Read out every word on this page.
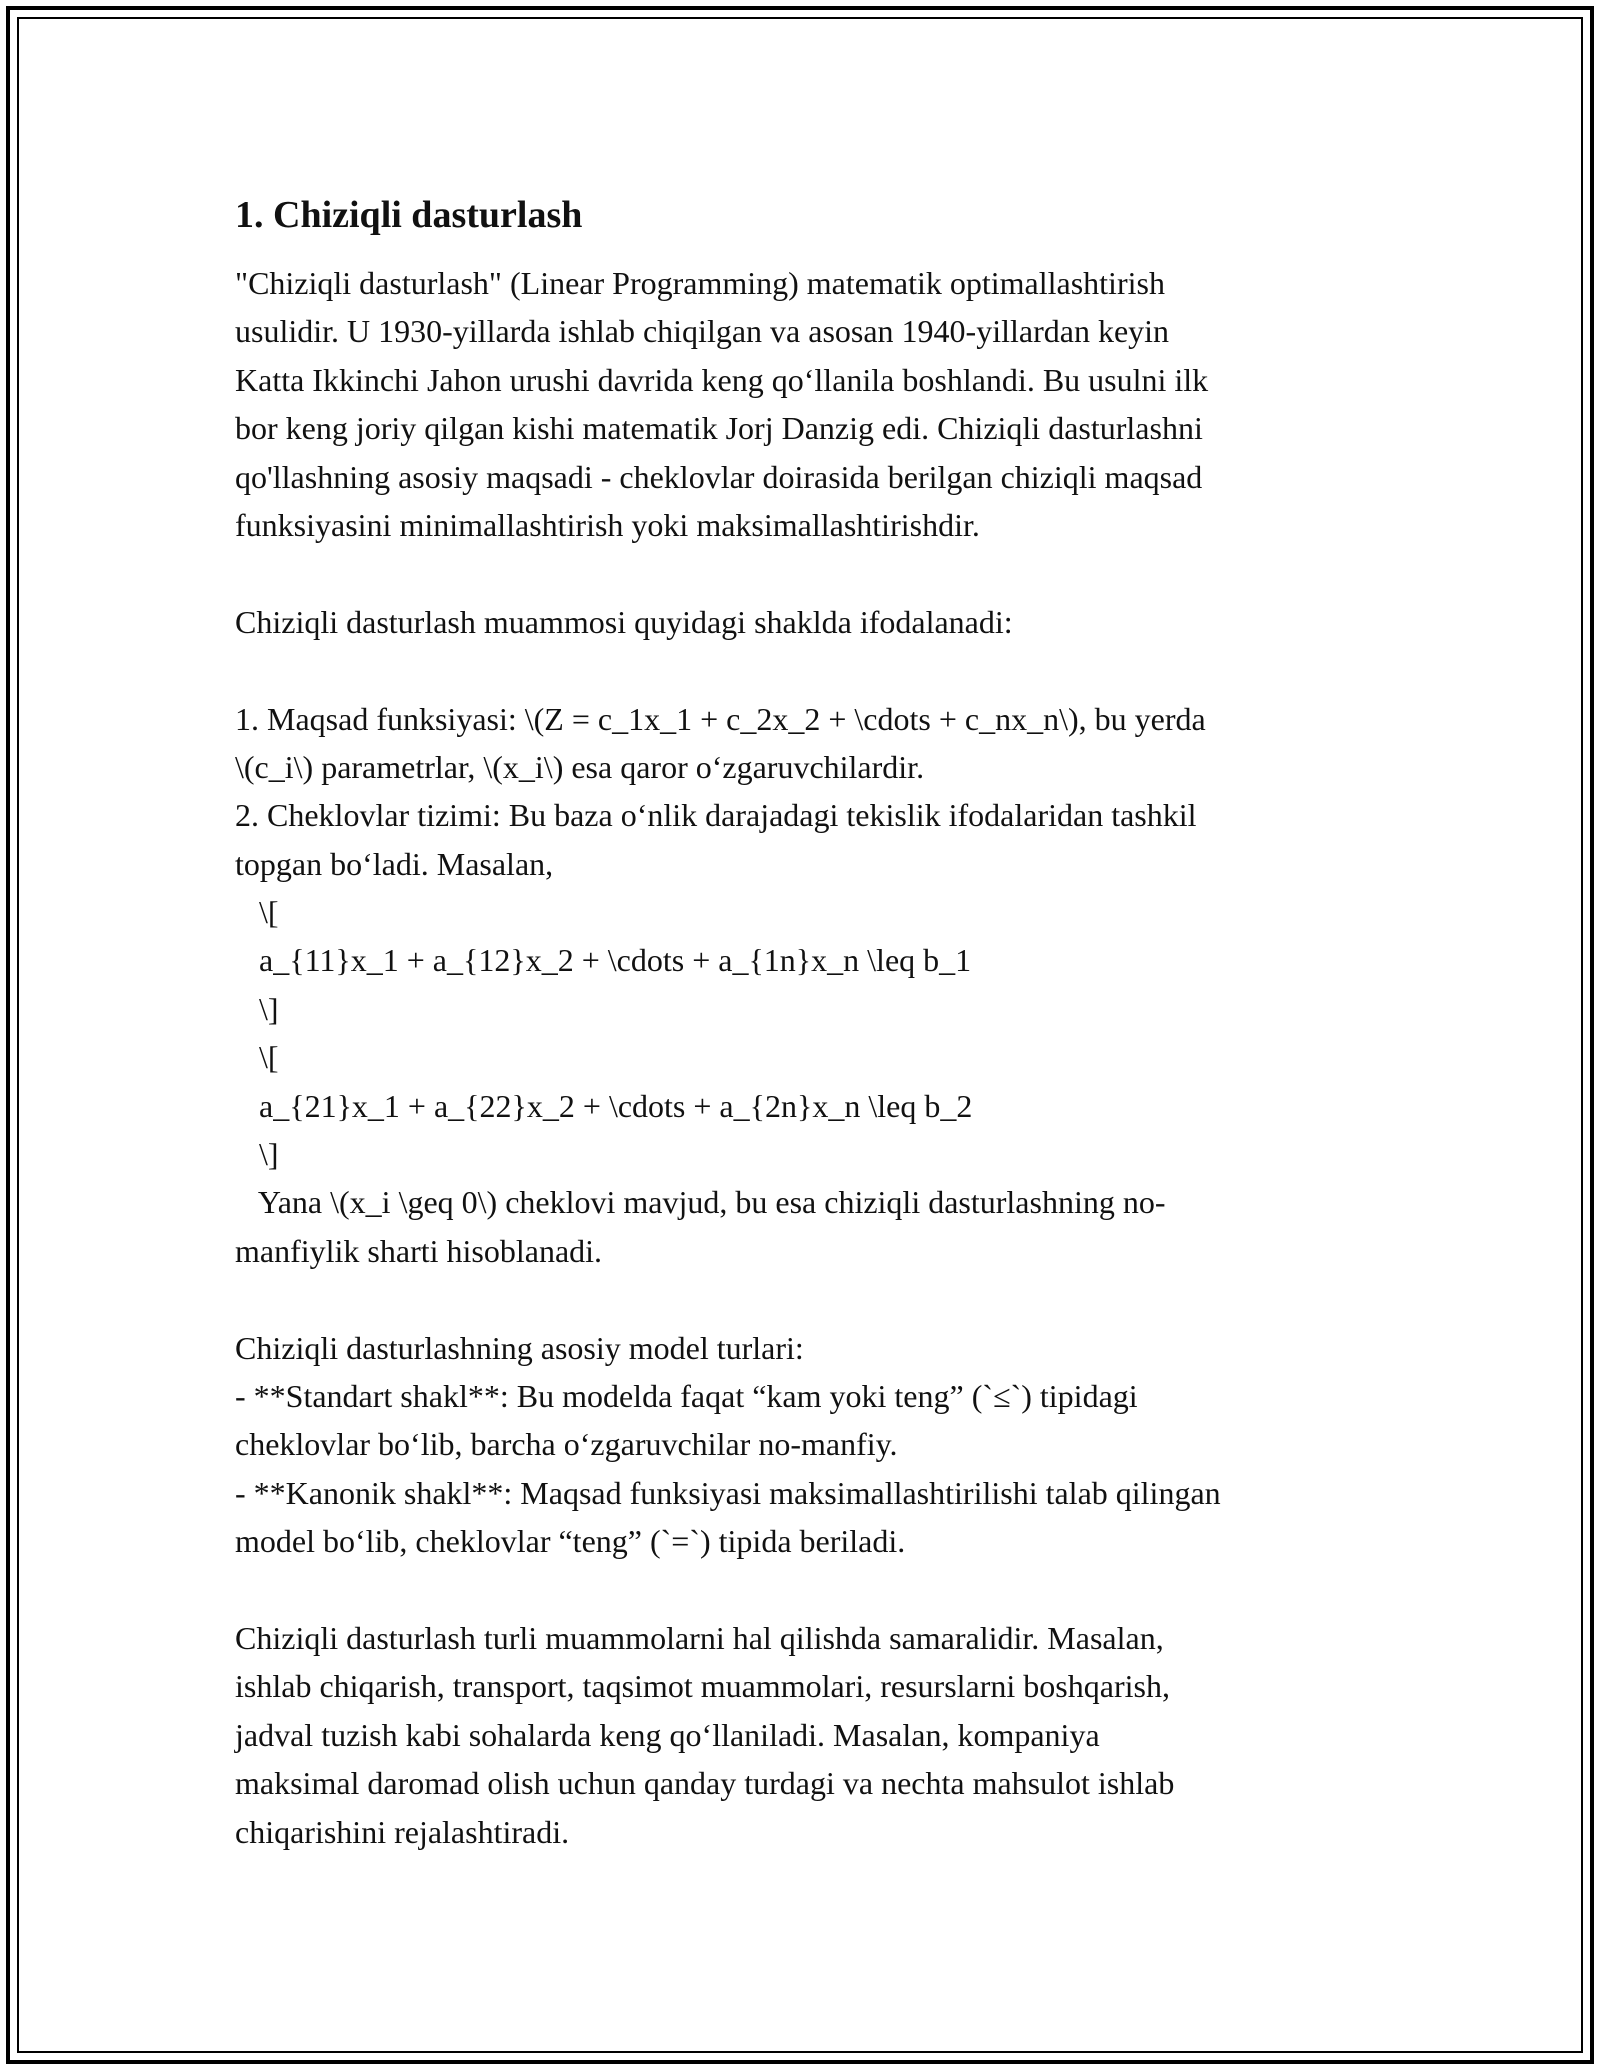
1. Chiziqli dasturlash
"Chiziqli dasturlash" (Linear Programming) matematik optimallashtirish
usulidir. U 1930-yillarda ishlab chiqilgan va asosan 1940-yillardan keyin
Katta Ikkinchi Jahon urushi davrida keng qo‘llanila boshlandi. Bu usulni ilk
bor keng joriy qilgan kishi matematik Jorj Danzig edi. Chiziqli dasturlashni
qo'llashning asosiy maqsadi - cheklovlar doirasida berilgan chiziqli maqsad
funksiyasini minimallashtirish yoki maksimallashtirishdir.
Chiziqli dasturlash muammosi quyidagi shaklda ifodalanadi:
1. Maqsad funksiyasi: \(Z = c_1x_1 + c_2x_2 + \cdots + c_nx_n\), bu yerda
\(c_i\) parametrlar, \(x_i\) esa qaror o‘zgaruvchilardir.
2. Cheklovlar tizimi: Bu baza o‘nlik darajadagi tekislik ifodalaridan tashkil
topgan bo‘ladi. Masalan,
\[
a_{11}x_1 + a_{12}x_2 + \cdots + a_{1n}x_n \leq b_1
\]
\[
a_{21}x_1 + a_{22}x_2 + \cdots + a_{2n}x_n \leq b_2
\]
Yana \(x_i \geq 0\) cheklovi mavjud, bu esa chiziqli dasturlashning no-
manfiylik sharti hisoblanadi.
Chiziqli dasturlashning asosiy model turlari:
- **Standart shakl**: Bu modelda faqat “kam yoki teng” (`≤`) tipidagi
cheklovlar bo‘lib, barcha o‘zgaruvchilar no-manfiy.
- **Kanonik shakl**: Maqsad funksiyasi maksimallashtirilishi talab qilingan
model bo‘lib, cheklovlar “teng” (`=`) tipida beriladi.
Chiziqli dasturlash turli muammolarni hal qilishda samaralidir. Masalan,
ishlab chiqarish, transport, taqsimot muammolari, resurslarni boshqarish,
jadval tuzish kabi sohalarda keng qo‘llaniladi. Masalan, kompaniya
maksimal daromad olish uchun qanday turdagi va nechta mahsulot ishlab
chiqarishini rejalashtiradi.
